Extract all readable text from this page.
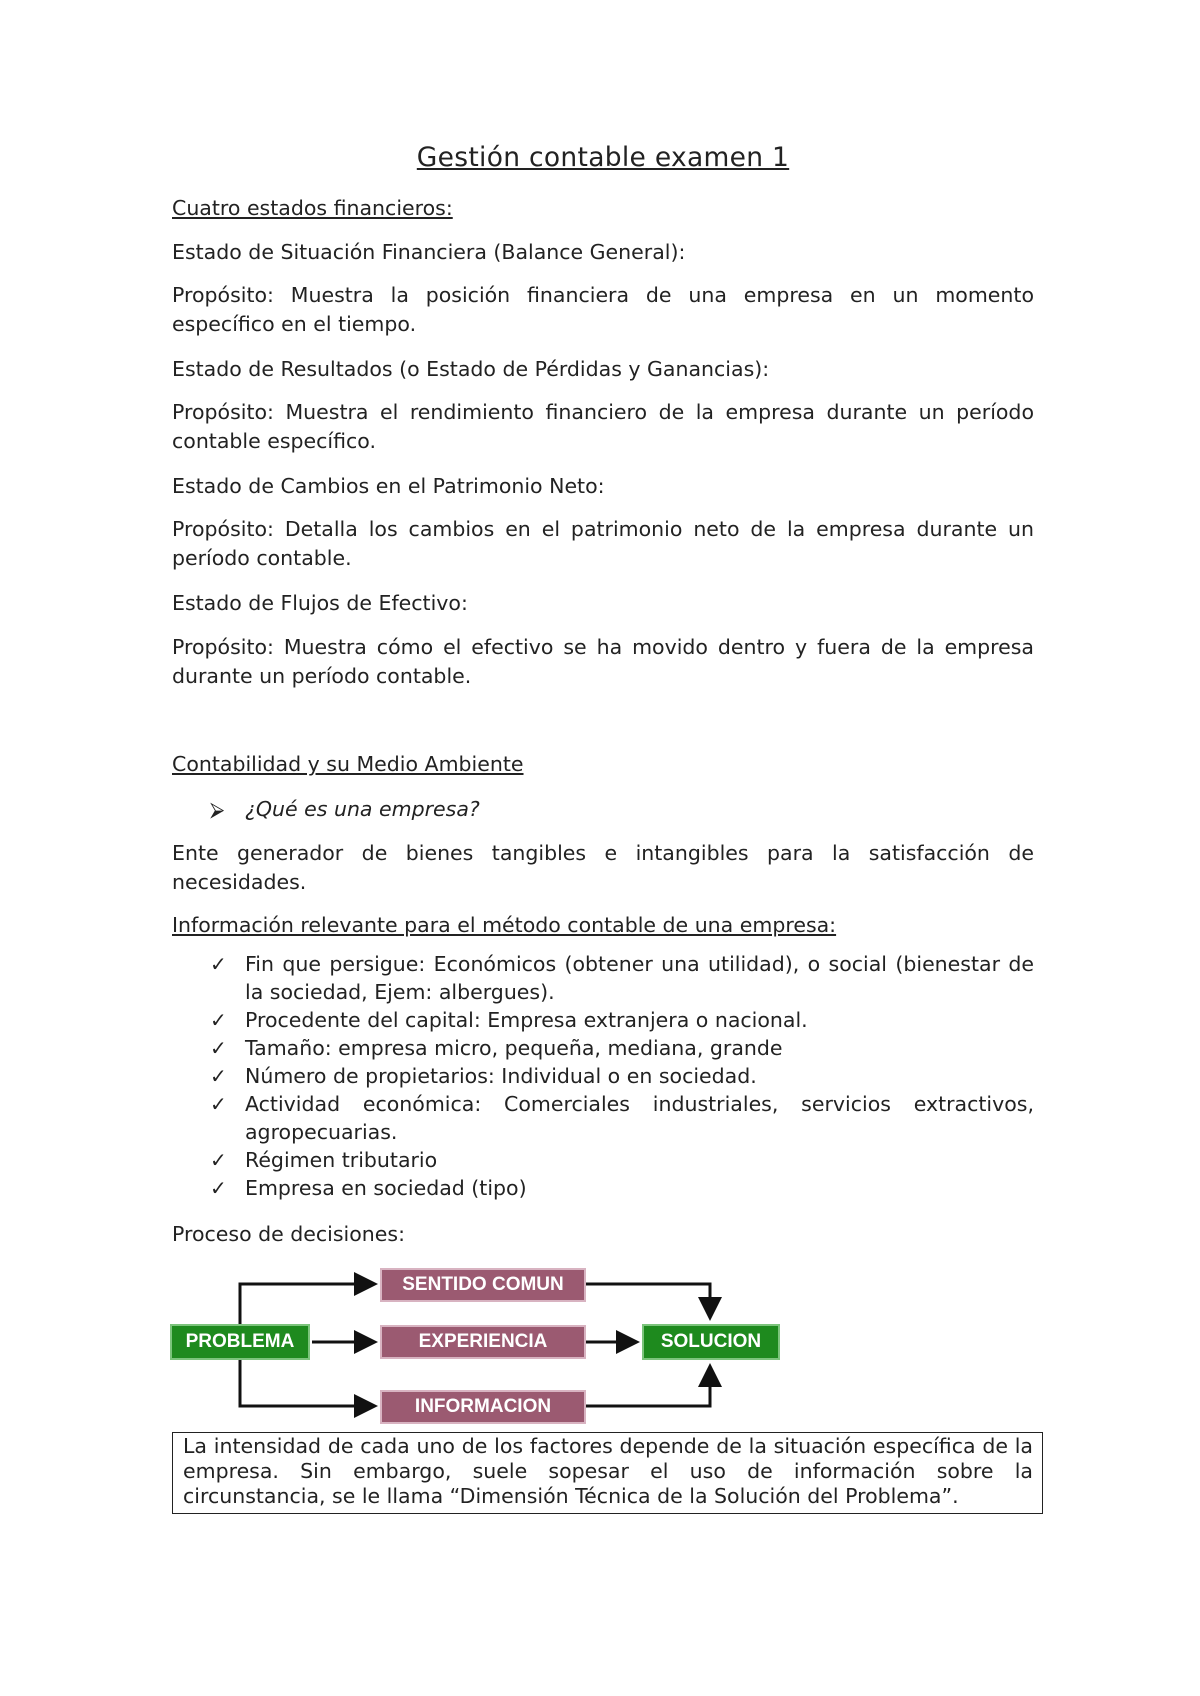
Gestión contable examen 1

Cuatro estados financieros:

Estado de Situación Financiera (Balance General):

Propósito: Muestra la posición financiera de una empresa en un momento específico en el tiempo.

Estado de Resultados (o Estado de Pérdidas y Ganancias):

Propósito: Muestra el rendimiento financiero de la empresa durante un período contable específico.

Estado de Cambios en el Patrimonio Neto:

Propósito: Detalla los cambios en el patrimonio neto de la empresa durante un período contable.

Estado de Flujos de Efectivo:

Propósito: Muestra cómo el efectivo se ha movido dentro y fuera de la empresa durante un período contable.

Contabilidad y su Medio Ambiente

⮚ ¿Qué es una empresa?

Ente generador de bienes tangibles e intangibles para la satisfacción de necesidades.

Información relevante para el método contable de una empresa:

✓ Fin que persigue: Económicos (obtener una utilidad), o social (bienestar de la sociedad, Ejem: albergues).
✓ Procedente del capital: Empresa extranjera o nacional.
✓ Tamaño: empresa micro, pequeña, mediana, grande
✓ Número de propietarios: Individual o en sociedad.
✓ Actividad económica: Comerciales industriales, servicios extractivos, agropecuarias.
✓ Régimen tributario
✓ Empresa en sociedad (tipo)

Proceso de decisiones:

PROBLEMA
SENTIDO COMUN
EXPERIENCIA
INFORMACION
SOLUCION
La intensidad de cada uno de los factores depende de la situación específica de la empresa. Sin embargo, suele sopesar el uso de información sobre la circunstancia, se le llama “Dimensión Técnica de la Solución del Problema”.
